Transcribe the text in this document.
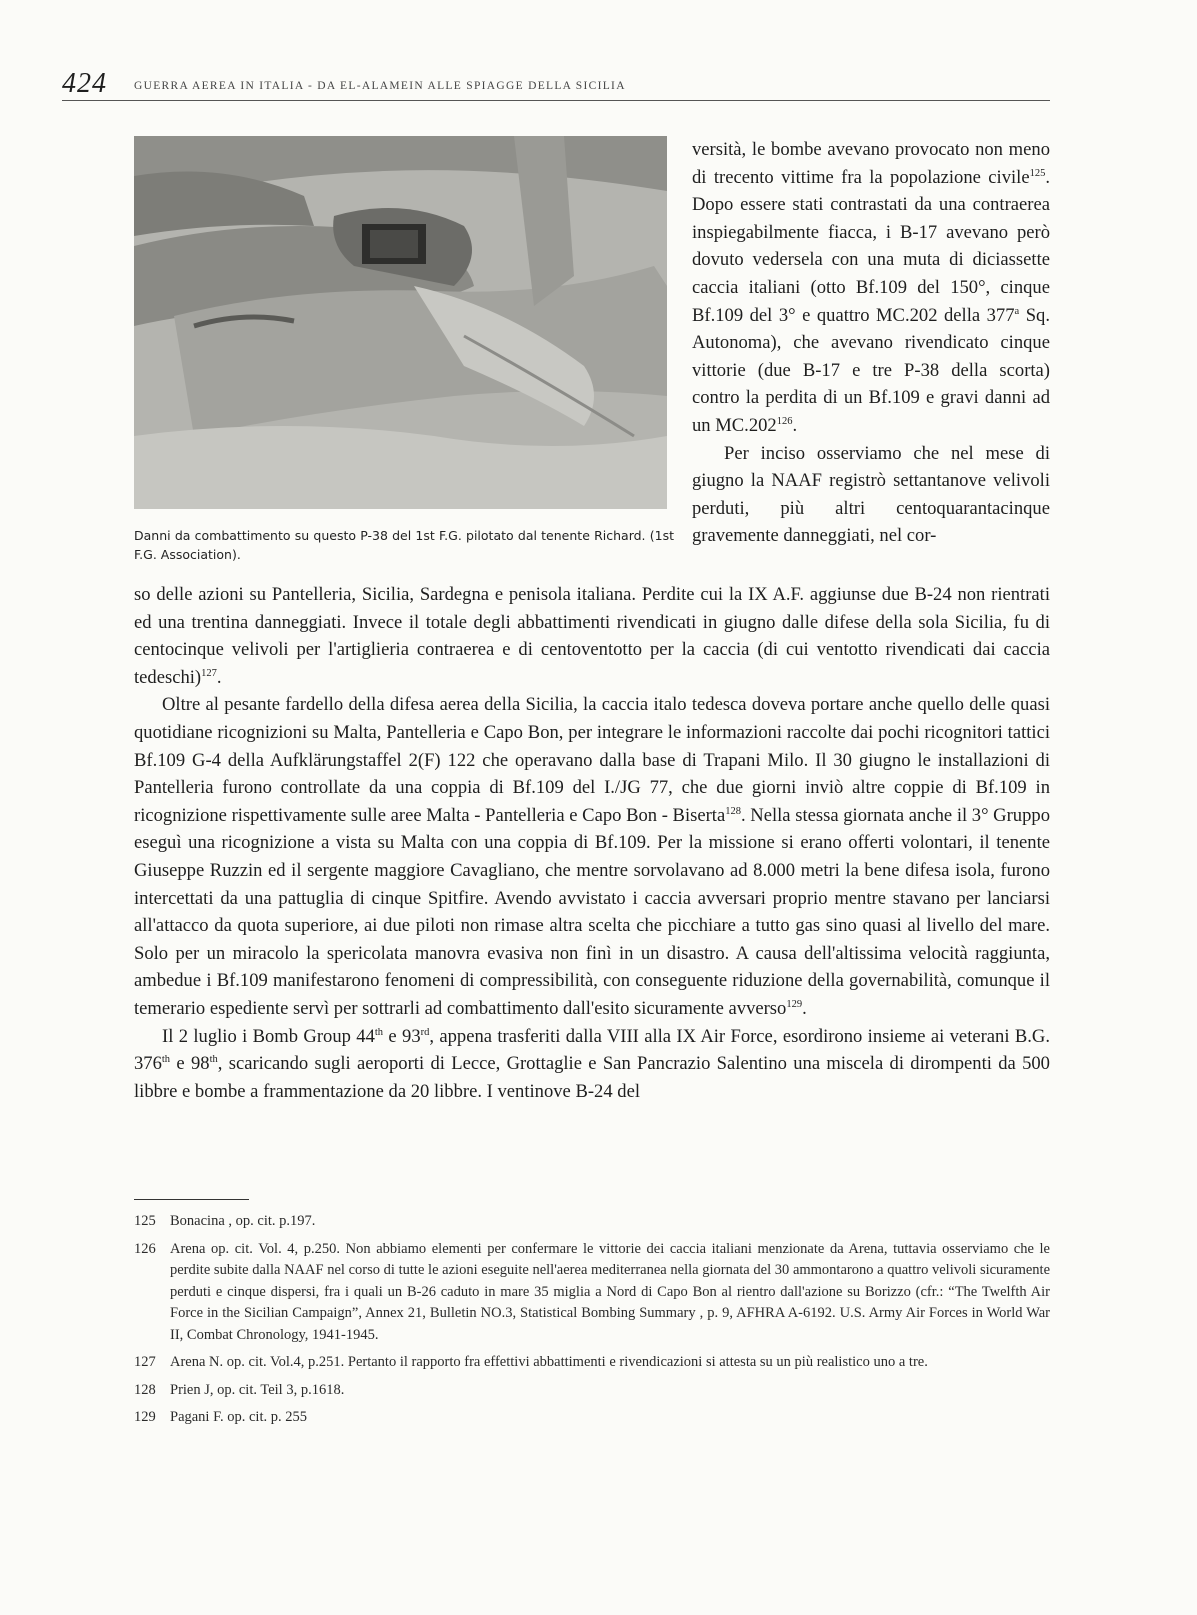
424 GUERRA AEREA IN ITALIA - DA EL-ALAMEIN ALLE SPIAGGE DELLA SICILIA
Danni da combattimento su questo P-38 del 1st F.G. pilotato dal tenente Richard. (1st F.G. Association).

versità, le bombe avevano provocato non meno di trecento vittime fra la popolazione civile$^{125}$. Dopo essere stati contrastati da una contraerea inspiegabilmente fiacca, i B-17 avevano però dovuto vedersela con una muta di diciassette caccia italiani (otto Bf.109 del 150°, cinque Bf.109 del 3° e quattro MC.202 della 377$^a$ Sq. Autonoma), che avevano rivendicato cinque vittorie (due B-17 e tre P-38 della scorta) contro la perdita di un Bf.109 e gravi danni ad un MC.202$^{126}$.

Per inciso osserviamo che nel mese di giugno la NAAF registrò settantanove velivoli perduti, più altri centoquarantacinque gravemente danneggiati, nel cor-

so delle azioni su Pantelleria, Sicilia, Sardegna e penisola italiana. Perdite cui la IX A.F. aggiunse due B-24 non rientrati ed una trentina danneggiati. Invece il totale degli abbattimenti rivendicati in giugno dalle difese della sola Sicilia, fu di centocinque velivoli per l'artiglieria contraerea e di centoventotto per la caccia (di cui ventotto rivendicati dai caccia tedeschi)$^{127}$.

Oltre al pesante fardello della difesa aerea della Sicilia, la caccia italo tedesca doveva portare anche quello delle quasi quotidiane ricognizioni su Malta, Pantelleria e Capo Bon, per integrare le informazioni raccolte dai pochi ricognitori tattici Bf.109 G-4 della Aufklärungstaffel 2(F) 122 che operavano dalla base di Trapani Milo. Il 30 giugno le installazioni di Pantelleria furono controllate da una coppia di Bf.109 del I./JG 77, che due giorni inviò altre coppie di Bf.109 in ricognizione rispettivamente sulle aree Malta - Pantelleria e Capo Bon - Biserta$^{128}$. Nella stessa giornata anche il 3° Gruppo eseguì una ricognizione a vista su Malta con una coppia di Bf.109. Per la missione si erano offerti volontari, il tenente Giuseppe Ruzzin ed il sergente maggiore Cavagliano, che mentre sorvolavano ad 8.000 metri la bene difesa isola, furono intercettati da una pattuglia di cinque Spitfire. Avendo avvistato i caccia avversari proprio mentre stavano per lanciarsi all'attacco da quota superiore, ai due piloti non rimase altra scelta che picchiare a tutto gas sino quasi al livello del mare. Solo per un miracolo la spericolata manovra evasiva non finì in un disastro. A causa dell'altissima velocità raggiunta, ambedue i Bf.109 manifestarono fenomeni di compressibilità, con conseguente riduzione della governabilità, comunque il temerario espediente servì per sottrarli ad combattimento dall'esito sicuramente avverso$^{129}$.

Il 2 luglio i Bomb Group 44th e 93rd, appena trasferiti dalla VIII alla IX Air Force, esordirono insieme ai veterani B.G. 376th e 98th, scaricando sugli aeroporti di Lecce, Grottaglie e San Pancrazio Salentino una miscela di dirompenti da 500 libbre e bombe a frammentazione da 20 libbre. I ventinove B-24 del

125 Bonacina , op. cit. p.197.
126 Arena op. cit. Vol. 4, p.250. Non abbiamo elementi per confermare le vittorie dei caccia italiani menzionate da Arena, tuttavia osserviamo che le perdite subite dalla NAAF nel corso di tutte le azioni eseguite nell'aerea mediterranea nella giornata del 30 ammontarono a quattro velivoli sicuramente perduti e cinque dispersi, fra i quali un B-26 caduto in mare 35 miglia a Nord di Capo Bon al rientro dall'azione su Borizzo (cfr.: “The Twelfth Air Force in the Sicilian Campaign”, Annex 21, Bulletin NO.3, Statistical Bombing Summary , p. 9, AFHRA A-6192. U.S. Army Air Forces in World War II, Combat Chronology, 1941-1945.
127 Arena N. op. cit. Vol.4, p.251. Pertanto il rapporto fra effettivi abbattimenti e rivendicazioni si attesta su un più realistico uno a tre.
128 Prien J, op. cit. Teil 3, p.1618.
129 Pagani F. op. cit. p. 255
